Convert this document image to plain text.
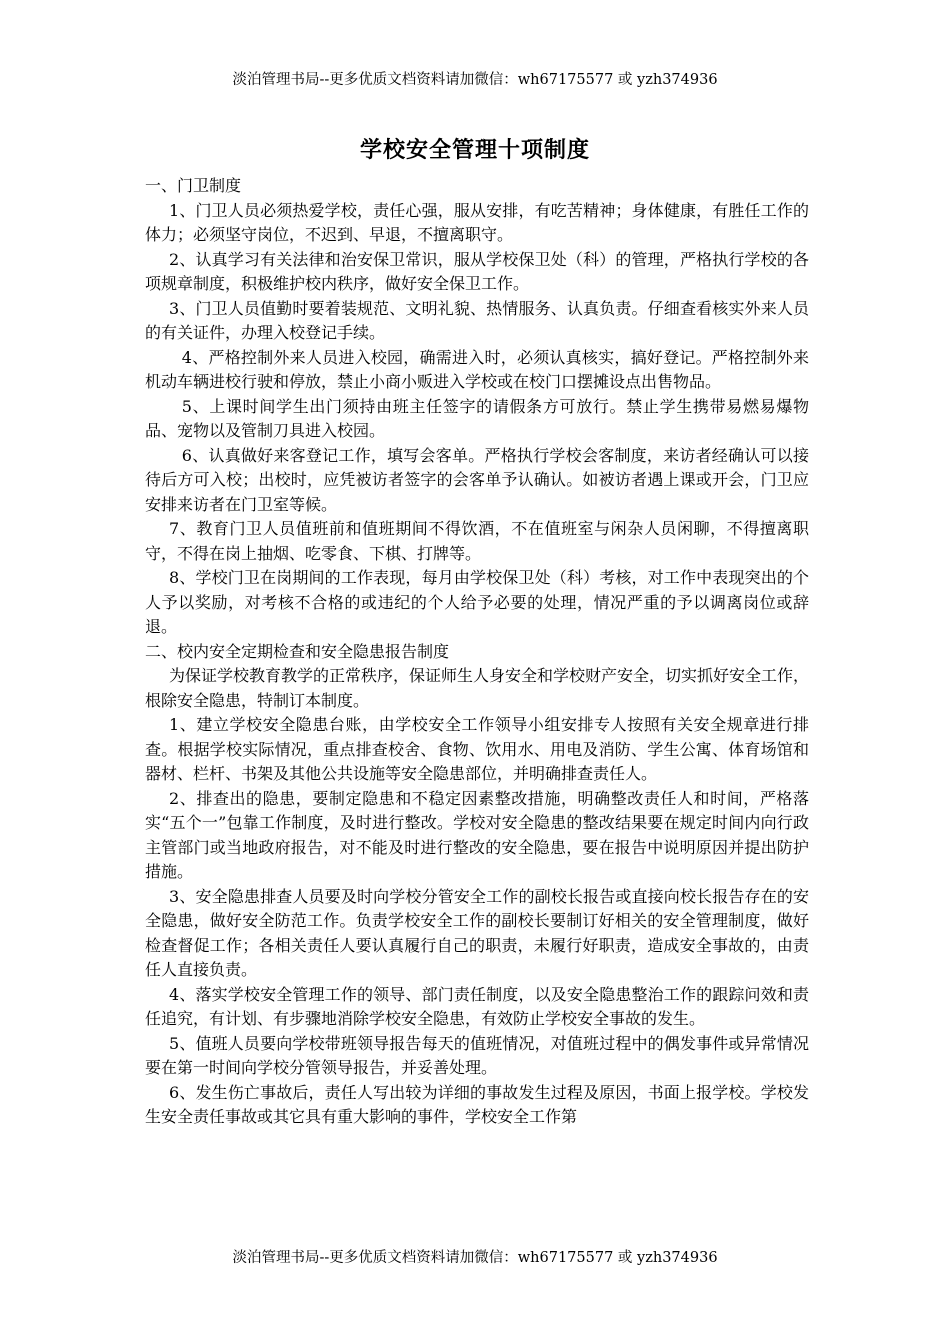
淡泊管理书局--更多优质文档资料请加微信：wh67175577 或 yzh374936
学校安全管理十项制度

一、门卫制度

1、门卫人员必须热爱学校，责任心强，服从安排，有吃苦精神；身体健康，有胜任工作的体力；必须坚守岗位，不迟到、早退，不擅离职守。

2、认真学习有关法律和治安保卫常识，服从学校保卫处（科）的管理，严格执行学校的各项规章制度，积极维护校内秩序，做好安全保卫工作。

3、门卫人员值勤时要着装规范、文明礼貌、热情服务、认真负责。仔细查看核实外来人员的有关证件，办理入校登记手续。

4、严格控制外来人员进入校园，确需进入时，必须认真核实，搞好登记。严格控制外来机动车辆进校行驶和停放，禁止小商小贩进入学校或在校门口摆摊设点出售物品。

5、上课时间学生出门须持由班主任签字的请假条方可放行。禁止学生携带易燃易爆物品、宠物以及管制刀具进入校园。

6、认真做好来客登记工作，填写会客单。严格执行学校会客制度，来访者经确认可以接待后方可入校；出校时，应凭被访者签字的会客单予认确认。如被访者遇上课或开会，门卫应安排来访者在门卫室等候。

7、教育门卫人员值班前和值班期间不得饮酒，不在值班室与闲杂人员闲聊，不得擅离职守，不得在岗上抽烟、吃零食、下棋、打牌等。

8、学校门卫在岗期间的工作表现，每月由学校保卫处（科）考核，对工作中表现突出的个人予以奖励，对考核不合格的或违纪的个人给予必要的处理，情况严重的予以调离岗位或辞退。

二、校内安全定期检查和安全隐患报告制度

为保证学校教育教学的正常秩序，保证师生人身安全和学校财产安全，切实抓好安全工作，根除安全隐患，特制订本制度。

1、建立学校安全隐患台账，由学校安全工作领导小组安排专人按照有关安全规章进行排查。根据学校实际情况，重点排查校舍、食物、饮用水、用电及消防、学生公寓、体育场馆和器材、栏杆、书架及其他公共设施等安全隐患部位，并明确排查责任人。

2、排查出的隐患，要制定隐患和不稳定因素整改措施，明确整改责任人和时间，严格落实“五个一”包靠工作制度，及时进行整改。学校对安全隐患的整改结果要在规定时间内向行政主管部门或当地政府报告，对不能及时进行整改的安全隐患，要在报告中说明原因并提出防护措施。

3、安全隐患排查人员要及时向学校分管安全工作的副校长报告或直接向校长报告存在的安全隐患，做好安全防范工作。负责学校安全工作的副校长要制订好相关的安全管理制度，做好检查督促工作；各相关责任人要认真履行自己的职责，未履行好职责，造成安全事故的，由责任人直接负责。

4、落实学校安全管理工作的领导、部门责任制度，以及安全隐患整治工作的跟踪问效和责任追究，有计划、有步骤地消除学校安全隐患，有效防止学校安全事故的发生。

5、值班人员要向学校带班领导报告每天的值班情况，对值班过程中的偶发事件或异常情况要在第一时间向学校分管领导报告，并妥善处理。

6、发生伤亡事故后，责任人写出较为详细的事故发生过程及原因，书面上报学校。学校发生安全责任事故或其它具有重大影响的事件，学校安全工作第

淡泊管理书局--更多优质文档资料请加微信：wh67175577 或 yzh374936
